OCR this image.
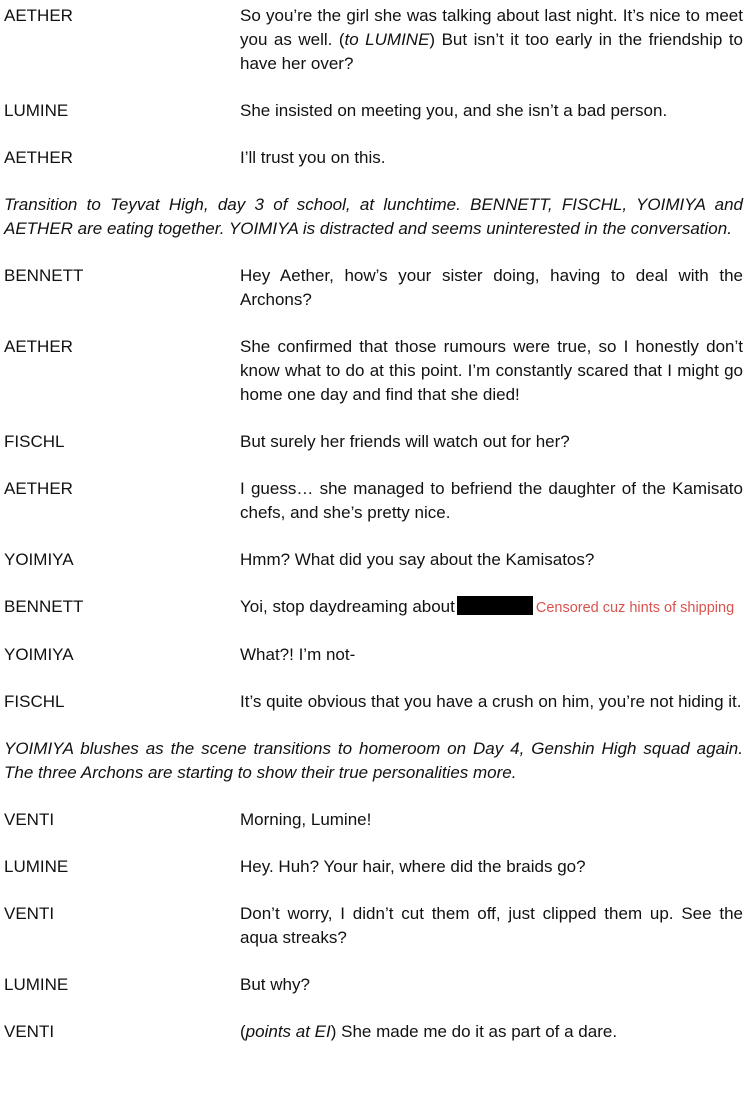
AETHER	So you’re the girl she was talking about last night. It’s nice to meet you as well. (to LUMINE) But isn’t it too early in the friendship to have her over?
LUMINE	She insisted on meeting you, and she isn’t a bad person.
AETHER	I’ll trust you on this.
Transition to Teyvat High, day 3 of school, at lunchtime. BENNETT, FISCHL, YOIMIYA and AETHER are eating together. YOIMIYA is distracted and seems uninterested in the conversation.
BENNETT	Hey Aether, how’s your sister doing, having to deal with the Archons?
AETHER	She confirmed that those rumours were true, so I honestly don’t know what to do at this point. I’m constantly scared that I might go home one day and find that she died!
FISCHL	But surely her friends will watch out for her?
AETHER	I guess… she managed to befriend the daughter of the Kamisato chefs, and she’s pretty nice.
YOIMIYA	Hmm? What did you say about the Kamisatos?
BENNETT	Yoi, stop daydreaming about	Censored cuz hints of shipping
YOIMIYA	What?! I’m not-
FISCHL	It’s quite obvious that you have a crush on him, you’re not hiding it.
YOIMIYA blushes as the scene transitions to homeroom on Day 4, Genshin High squad again. The three Archons are starting to show their true personalities more.
VENTI	Morning, Lumine!
LUMINE	Hey. Huh? Your hair, where did the braids go?
VENTI	Don’t worry, I didn’t cut them off, just clipped them up. See the aqua streaks?
LUMINE	But why?
VENTI	(points at EI) She made me do it as part of a dare.
